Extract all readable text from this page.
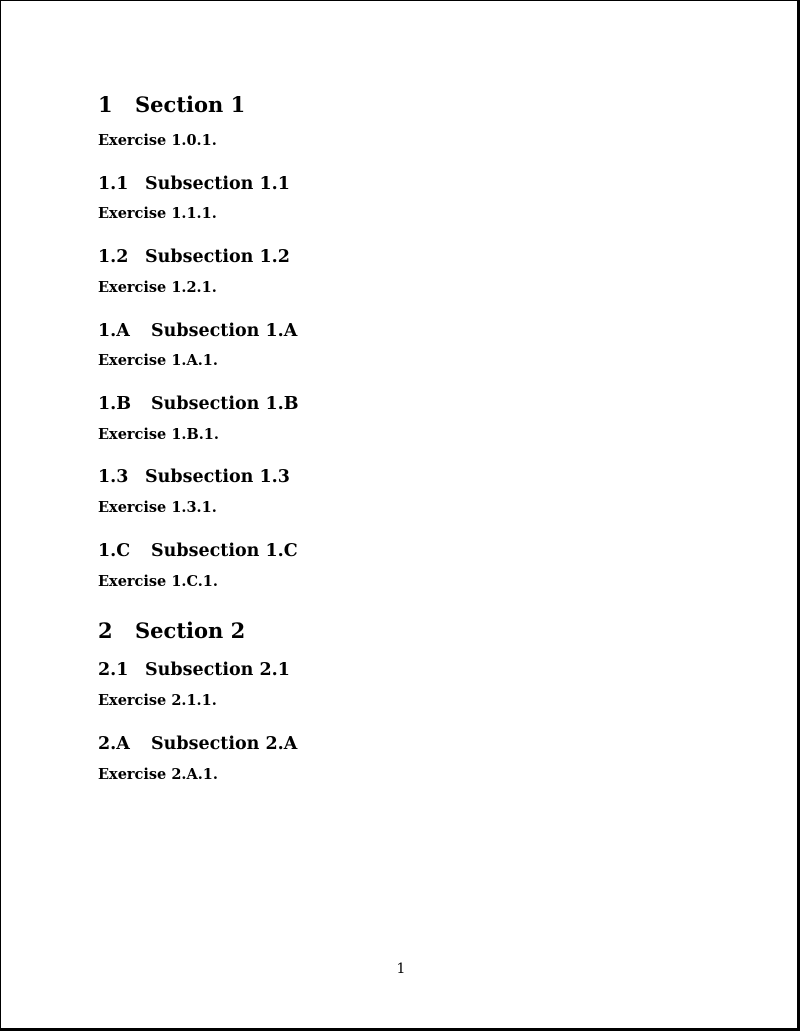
1 Section 1
Exercise 1.0.1.
1.1 Subsection 1.1
Exercise 1.1.1.
1.2 Subsection 1.2
Exercise 1.2.1.
1.A Subsection 1.A
Exercise 1.A.1.
1.B Subsection 1.B
Exercise 1.B.1.
1.3 Subsection 1.3
Exercise 1.3.1.
1.C Subsection 1.C
Exercise 1.C.1.
2 Section 2
2.1 Subsection 2.1
Exercise 2.1.1.
2.A Subsection 2.A
Exercise 2.A.1.
1
